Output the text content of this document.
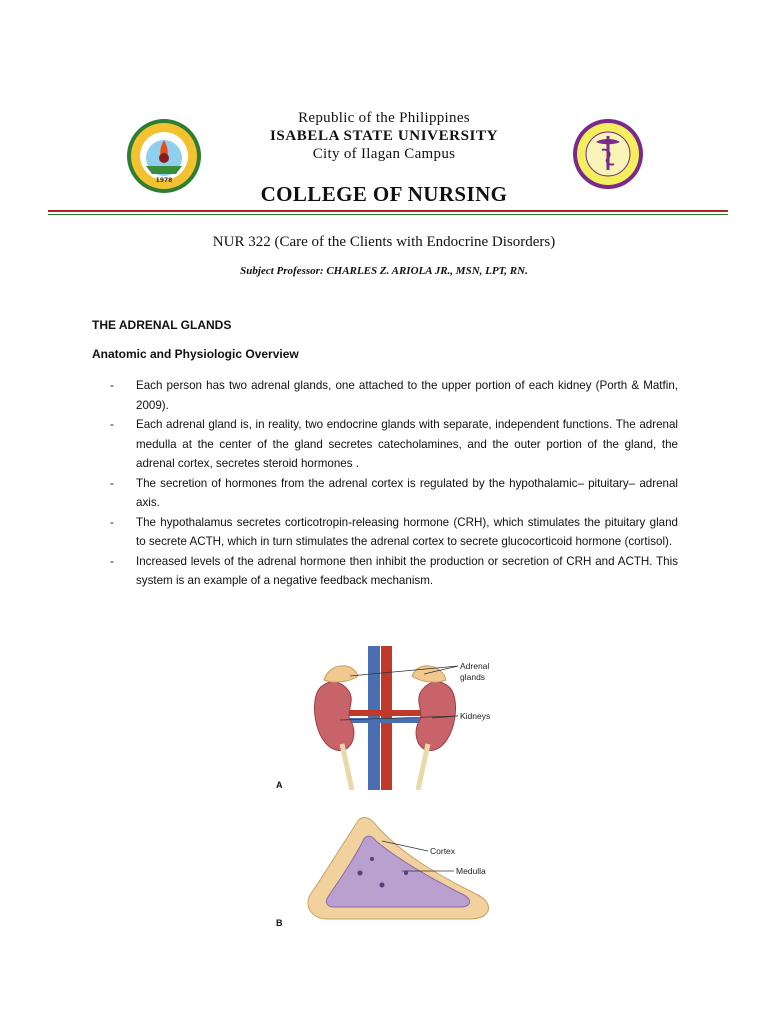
1978
Republic of the Philippines
ISABELA STATE UNIVERSITY
City of Ilagan Campus
COLLEGE OF NURSING
NUR 322 (Care of the Clients with Endocrine Disorders)
Subject Professor: CHARLES Z. ARIOLA JR., MSN, LPT, RN.
THE ADRENAL GLANDS
Anatomic and Physiologic Overview
- Each person has two adrenal glands, one attached to the upper portion of each kidney (Porth & Matfin, 2009).
- Each adrenal gland is, in reality, two endocrine glands with separate, independent functions. The adrenal medulla at the center of the gland secretes catecholamines, and the outer portion of the gland, the adrenal cortex, secretes steroid hormones .
- The secretion of hormones from the adrenal cortex is regulated by the hypothalamic– pituitary– adrenal axis.
- The hypothalamus secretes corticotropin-releasing hormone (CRH), which stimulates the pituitary gland to secrete ACTH, which in turn stimulates the adrenal cortex to secrete glucocorticoid hormone (cortisol).
- Increased levels of the adrenal hormone then inhibit the production or secretion of CRH and ACTH. This system is an example of a negative feedback mechanism.
Adrenal
glands
Kidneys
A
Cortex
Medulla
B
